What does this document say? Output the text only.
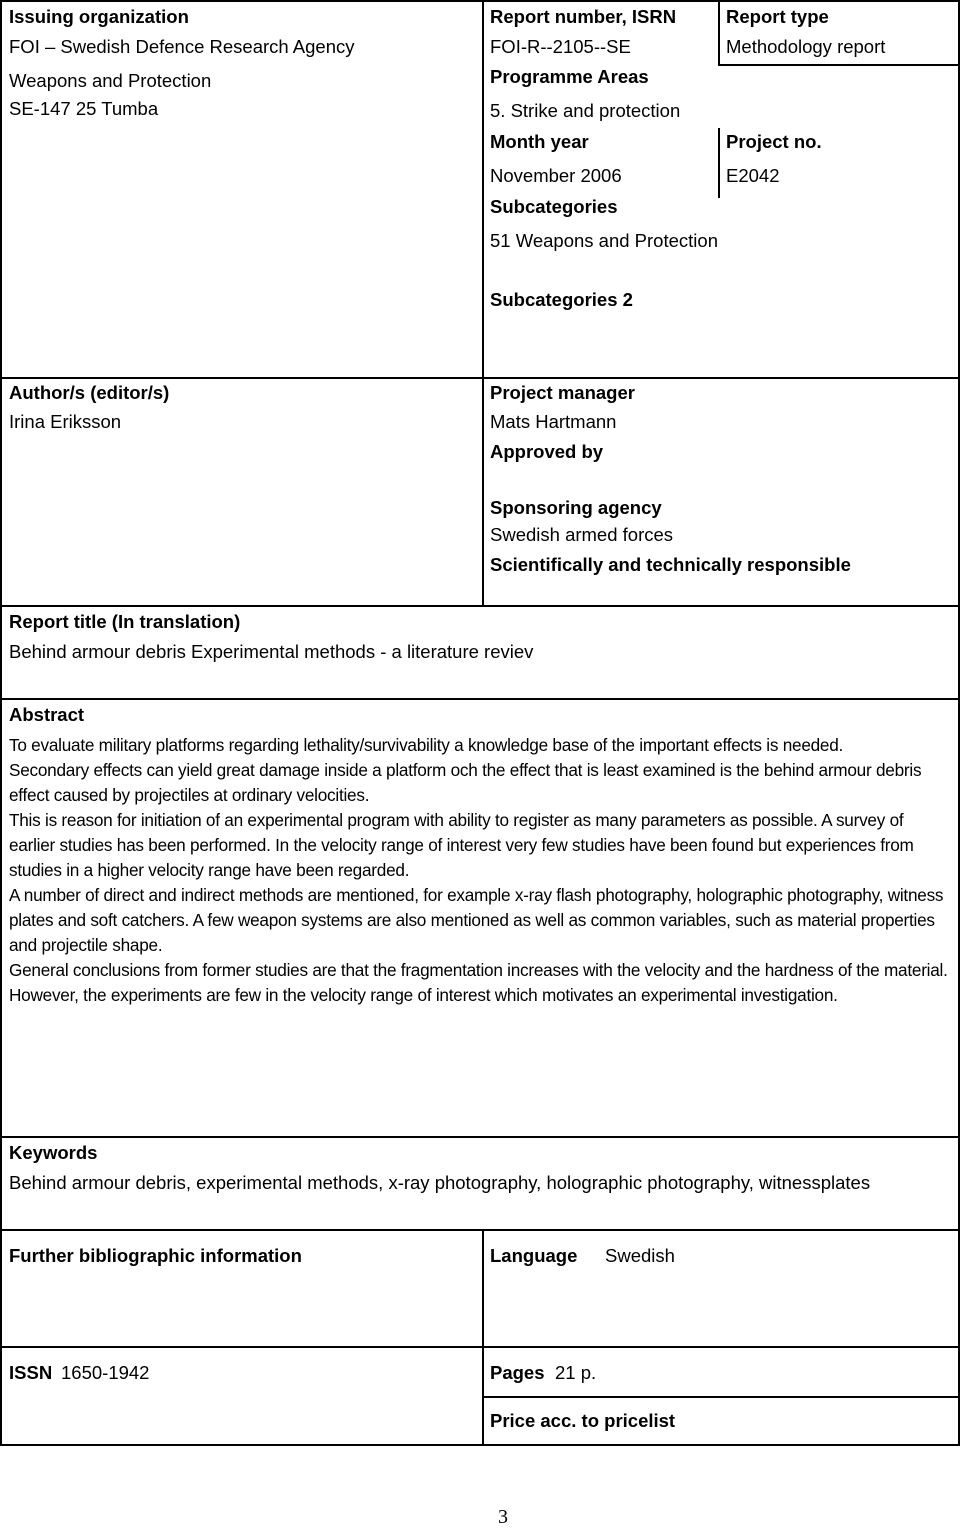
Issuing organization
FOI – Swedish Defence Research Agency
Weapons and Protection
SE-147 25 Tumba
Report number, ISRN
FOI-R--2105--SE
Report type
Methodology report
Programme Areas
5. Strike and protection
Month year
November 2006
Project no.
E2042
Subcategories
51 Weapons and Protection
Subcategories 2
Author/s (editor/s)
Irina Eriksson
Project manager
Mats Hartmann
Approved by
Sponsoring agency
Swedish armed forces
Scientifically and technically responsible
Report title (In translation)
Behind armour debris Experimental methods - a literature reviev
Abstract

To evaluate military platforms regarding lethality/survivability a knowledge base of the important effects is needed.

Secondary effects can yield great damage inside a platform och the effect that is least examined is the behind armour debris effect caused by projectiles at ordinary velocities.

This is reason for initiation of an experimental program with ability to register as many parameters as possible. A survey of earlier studies has been performed. In the velocity range of interest very few studies have been found but experiences from studies in a higher velocity range have been regarded.

A number of direct and indirect methods are mentioned, for example x-ray flash photography, holographic photography, witness plates and soft catchers. A few weapon systems are also mentioned as well as common variables, such as material properties and projectile shape.

General conclusions from former studies are that the fragmentation increases with the velocity and the hardness of the material. However, the experiments are few in the velocity range of interest which motivates an experimental investigation.

Keywords
Behind armour debris, experimental methods, x-ray photography, holographic photography, witnessplates
Further bibliographic information	Language Swedish
ISSN 1650-1942	Pages 21 p.
Price acc. to pricelist
3
